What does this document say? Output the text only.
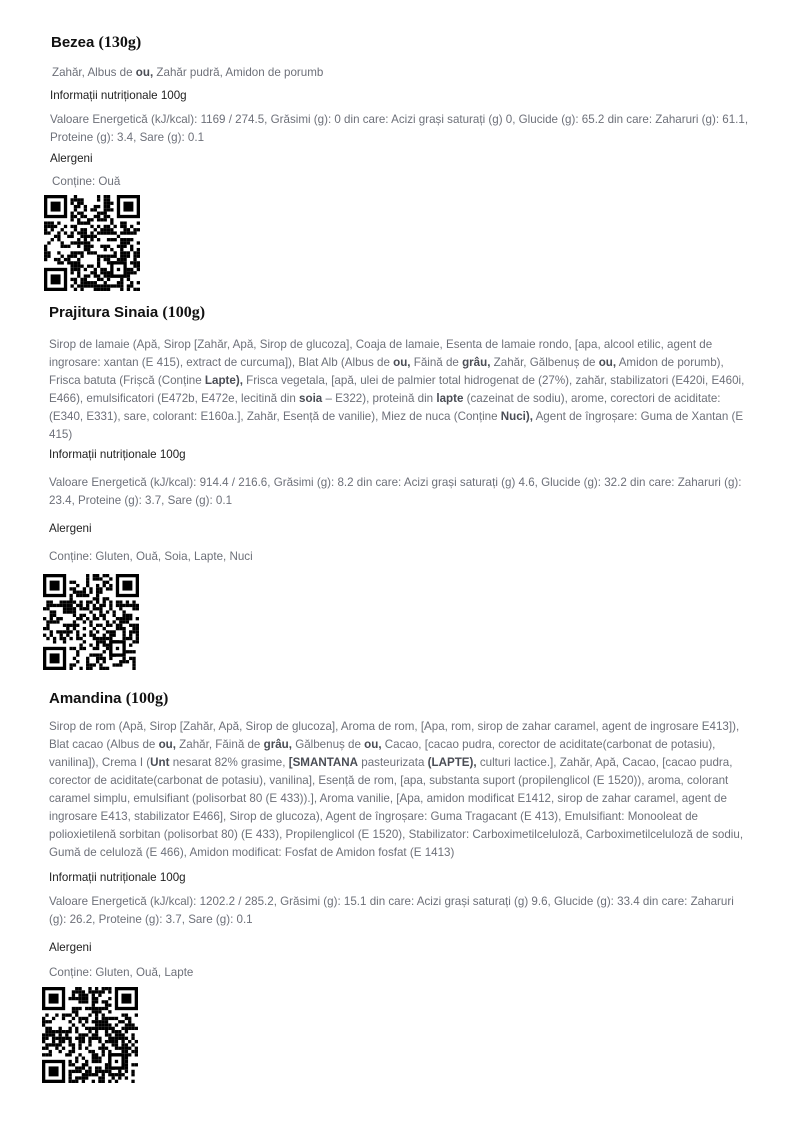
Bezea (130g)
Zahăr, Albus de ou, Zahăr pudră, Amidon de porumb
Informații nutriționale 100g
Valoare Energetică (kJ/kcal): 1169 / 274.5, Grăsimi (g): 0 din care: Acizi grași saturați (g) 0, Glucide (g): 65.2 din care: Zaharuri (g): 61.1, Proteine (g): 3.4, Sare (g): 0.1
Alergeni
Conține: Ouă
Prajitura Sinaia (100g)
Sirop de lamaie (Apă, Sirop [Zahăr, Apă, Sirop de glucoza], Coaja de lamaie, Esenta de lamaie rondo, [apa, alcool etilic, agent de ingrosare: xantan (E 415), extract de curcuma]), Blat Alb (Albus de ou, Făină de grâu, Zahăr, Gălbenuș de ou, Amidon de porumb), Frisca batuta (Frișcă (Conține Lapte), Frisca vegetala, [apă, ulei de palmier total hidrogenat de (27%), zahăr, stabilizatori (E420i, E460i, E466), emulsificatori (E472b, E472e, lecitină din soia – E322), proteină din lapte (cazeinat de sodiu), arome, corectori de aciditate: (E340, E331), sare, colorant: E160a.], Zahăr, Esență de vanilie), Miez de nuca (Conține Nuci), Agent de îngroșare: Guma de Xantan (E 415)
Informații nutriționale 100g
Valoare Energetică (kJ/kcal): 914.4 / 216.6, Grăsimi (g): 8.2 din care: Acizi grași saturați (g) 4.6, Glucide (g): 32.2 din care: Zaharuri (g): 23.4, Proteine (g): 3.7, Sare (g): 0.1
Alergeni
Conține: Gluten, Ouă, Soia, Lapte, Nuci
Amandina (100g)
Sirop de rom (Apă, Sirop [Zahăr, Apă, Sirop de glucoza], Aroma de rom, [Apa, rom, sirop de zahar caramel, agent de ingrosare E413]), Blat cacao (Albus de ou, Zahăr, Făină de grâu, Gălbenuș de ou, Cacao, [cacao pudra, corector de aciditate(carbonat de potasiu), vanilina]), Crema I (Unt nesarat 82% grasime, [SMANTANA pasteurizata (LAPTE), culturi lactice.], Zahăr, Apă, Cacao, [cacao pudra, corector de aciditate(carbonat de potasiu), vanilina], Esență de rom, [apa, substanta suport (propilenglicol (E 1520)), aroma, colorant caramel simplu, emulsifiant (polisorbat 80 (E 433)).], Aroma vanilie, [Apa, amidon modificat E1412, sirop de zahar caramel, agent de ingrosare E413, stabilizator E466], Sirop de glucoza), Agent de îngroșare: Guma Tragacant (E 413), Emulsifiant: Monooleat de polioxietilenă sorbitan (polisorbat 80) (E 433), Propilenglicol (E 1520), Stabilizator: Carboximetilceluloză, Carboximetilceluloză de sodiu, Gumă de celuloză (E 466), Amidon modificat: Fosfat de Amidon fosfat (E 1413)
Informații nutriționale 100g
Valoare Energetică (kJ/kcal): 1202.2 / 285.2, Grăsimi (g): 15.1 din care: Acizi grași saturați (g) 9.6, Glucide (g): 33.4 din care: Zaharuri (g): 26.2, Proteine (g): 3.7, Sare (g): 0.1
Alergeni
Conține: Gluten, Ouă, Lapte
